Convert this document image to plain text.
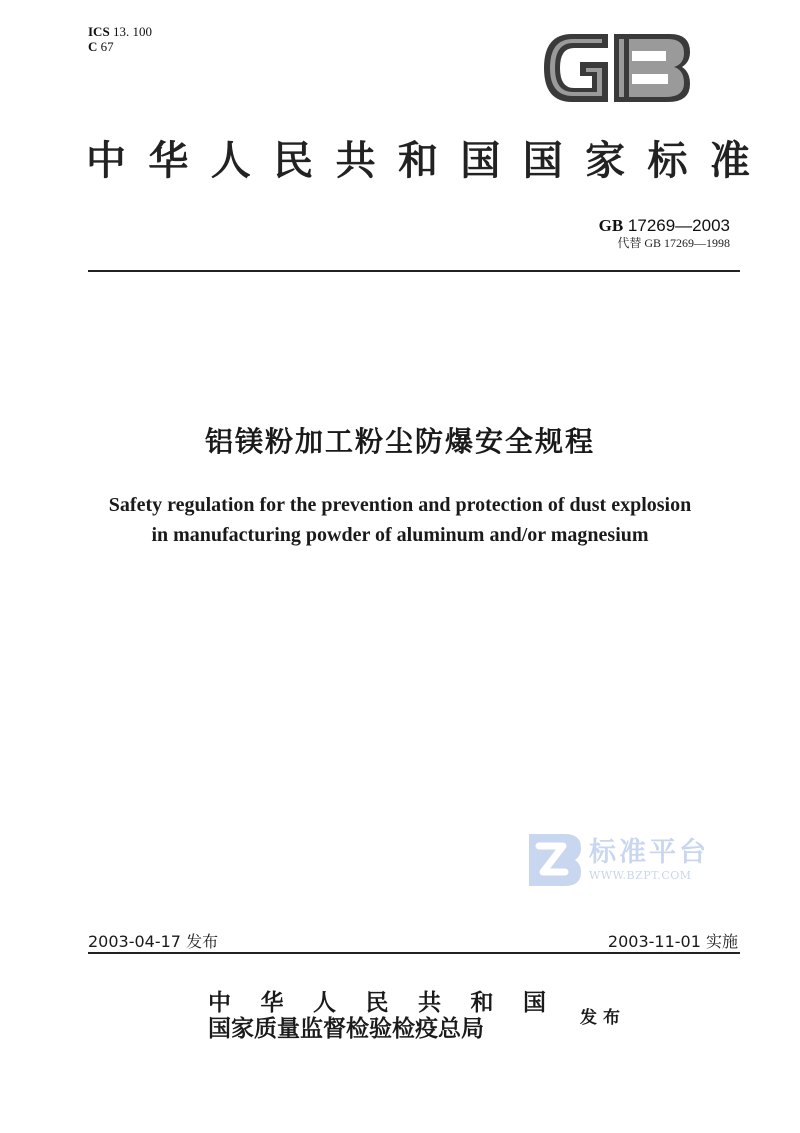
ICS 13. 100
C 67
中 华 人 民 共 和 国 国 家 标 准
GB 17269—2003
代替 GB 17269—1998
铝镁粉加工粉尘防爆安全规程
Safety regulation for the prevention and protection of dust explosion
in manufacturing powder of aluminum and/or magnesium
标准平台
WWW.BZPT.COM
2003-04-17 发布	2003-11-01 实施
中 华 人 民 共 和 国
国家质量监督检验检疫总局	发布
